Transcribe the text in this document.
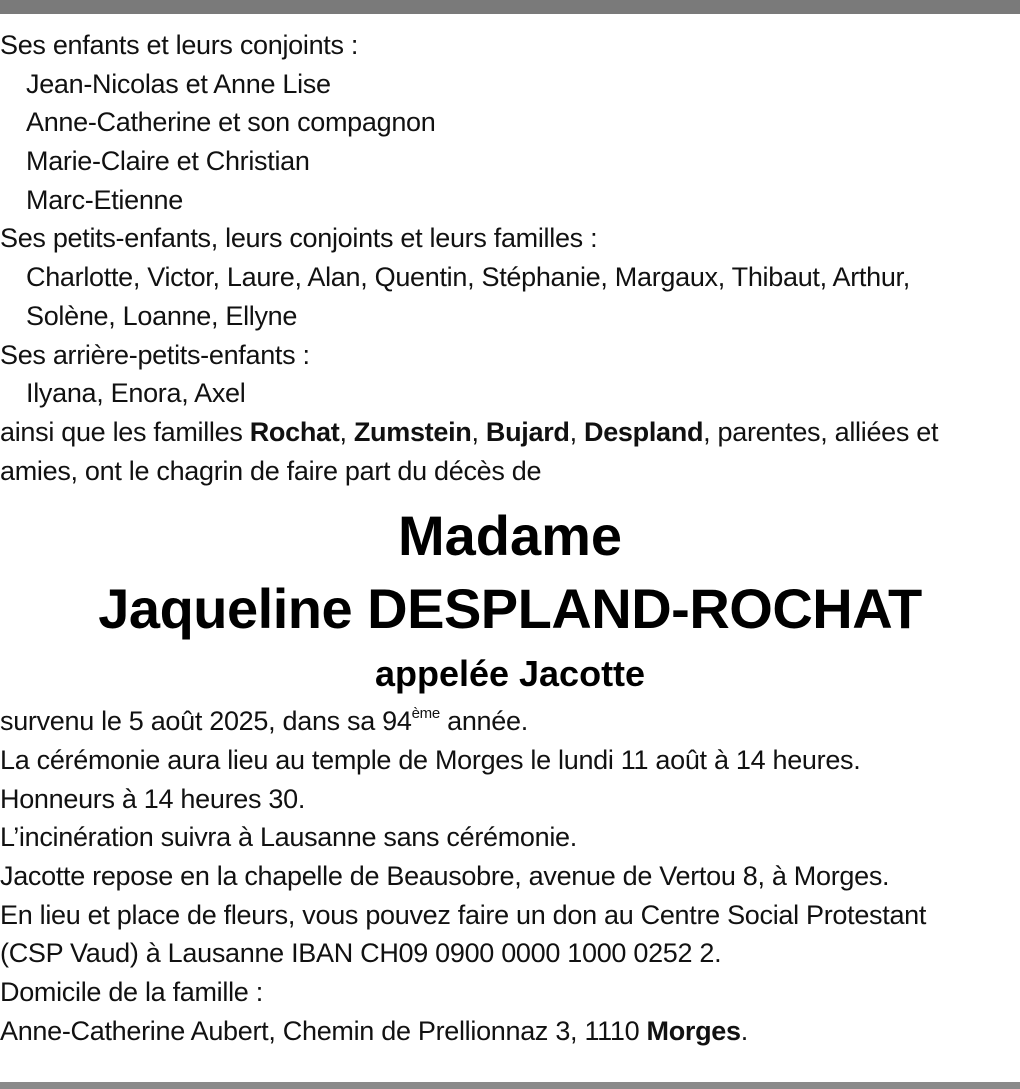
Ses enfants et leurs conjoints :
Jean-Nicolas et Anne Lise
Anne-Catherine et son compagnon
Marie-Claire et Christian
Marc-Etienne
Ses petits-enfants, leurs conjoints et leurs familles :
Charlotte, Victor, Laure, Alan, Quentin, Stéphanie, Margaux, Thibaut, Arthur,
Solène, Loanne, Ellyne
Ses arrière-petits-enfants :
Ilyana, Enora, Axel
ainsi que les familles Rochat, Zumstein, Bujard, Despland, parentes, alliées et
amies, ont le chagrin de faire part du décès de
Madame
Jaqueline DESPLAND-ROCHAT
appelée Jacotte
survenu le 5 août 2025, dans sa 94ème année.
La cérémonie aura lieu au temple de Morges le lundi 11 août à 14 heures.
Honneurs à 14 heures 30.
L’incinération suivra à Lausanne sans cérémonie.
Jacotte repose en la chapelle de Beausobre, avenue de Vertou 8, à Morges.
En lieu et place de fleurs, vous pouvez faire un don au Centre Social Protestant
(CSP Vaud) à Lausanne IBAN CH09 0900 0000 1000 0252 2.
Domicile de la famille :
Anne-Catherine Aubert, Chemin de Prellionnaz 3, 1110 Morges.
